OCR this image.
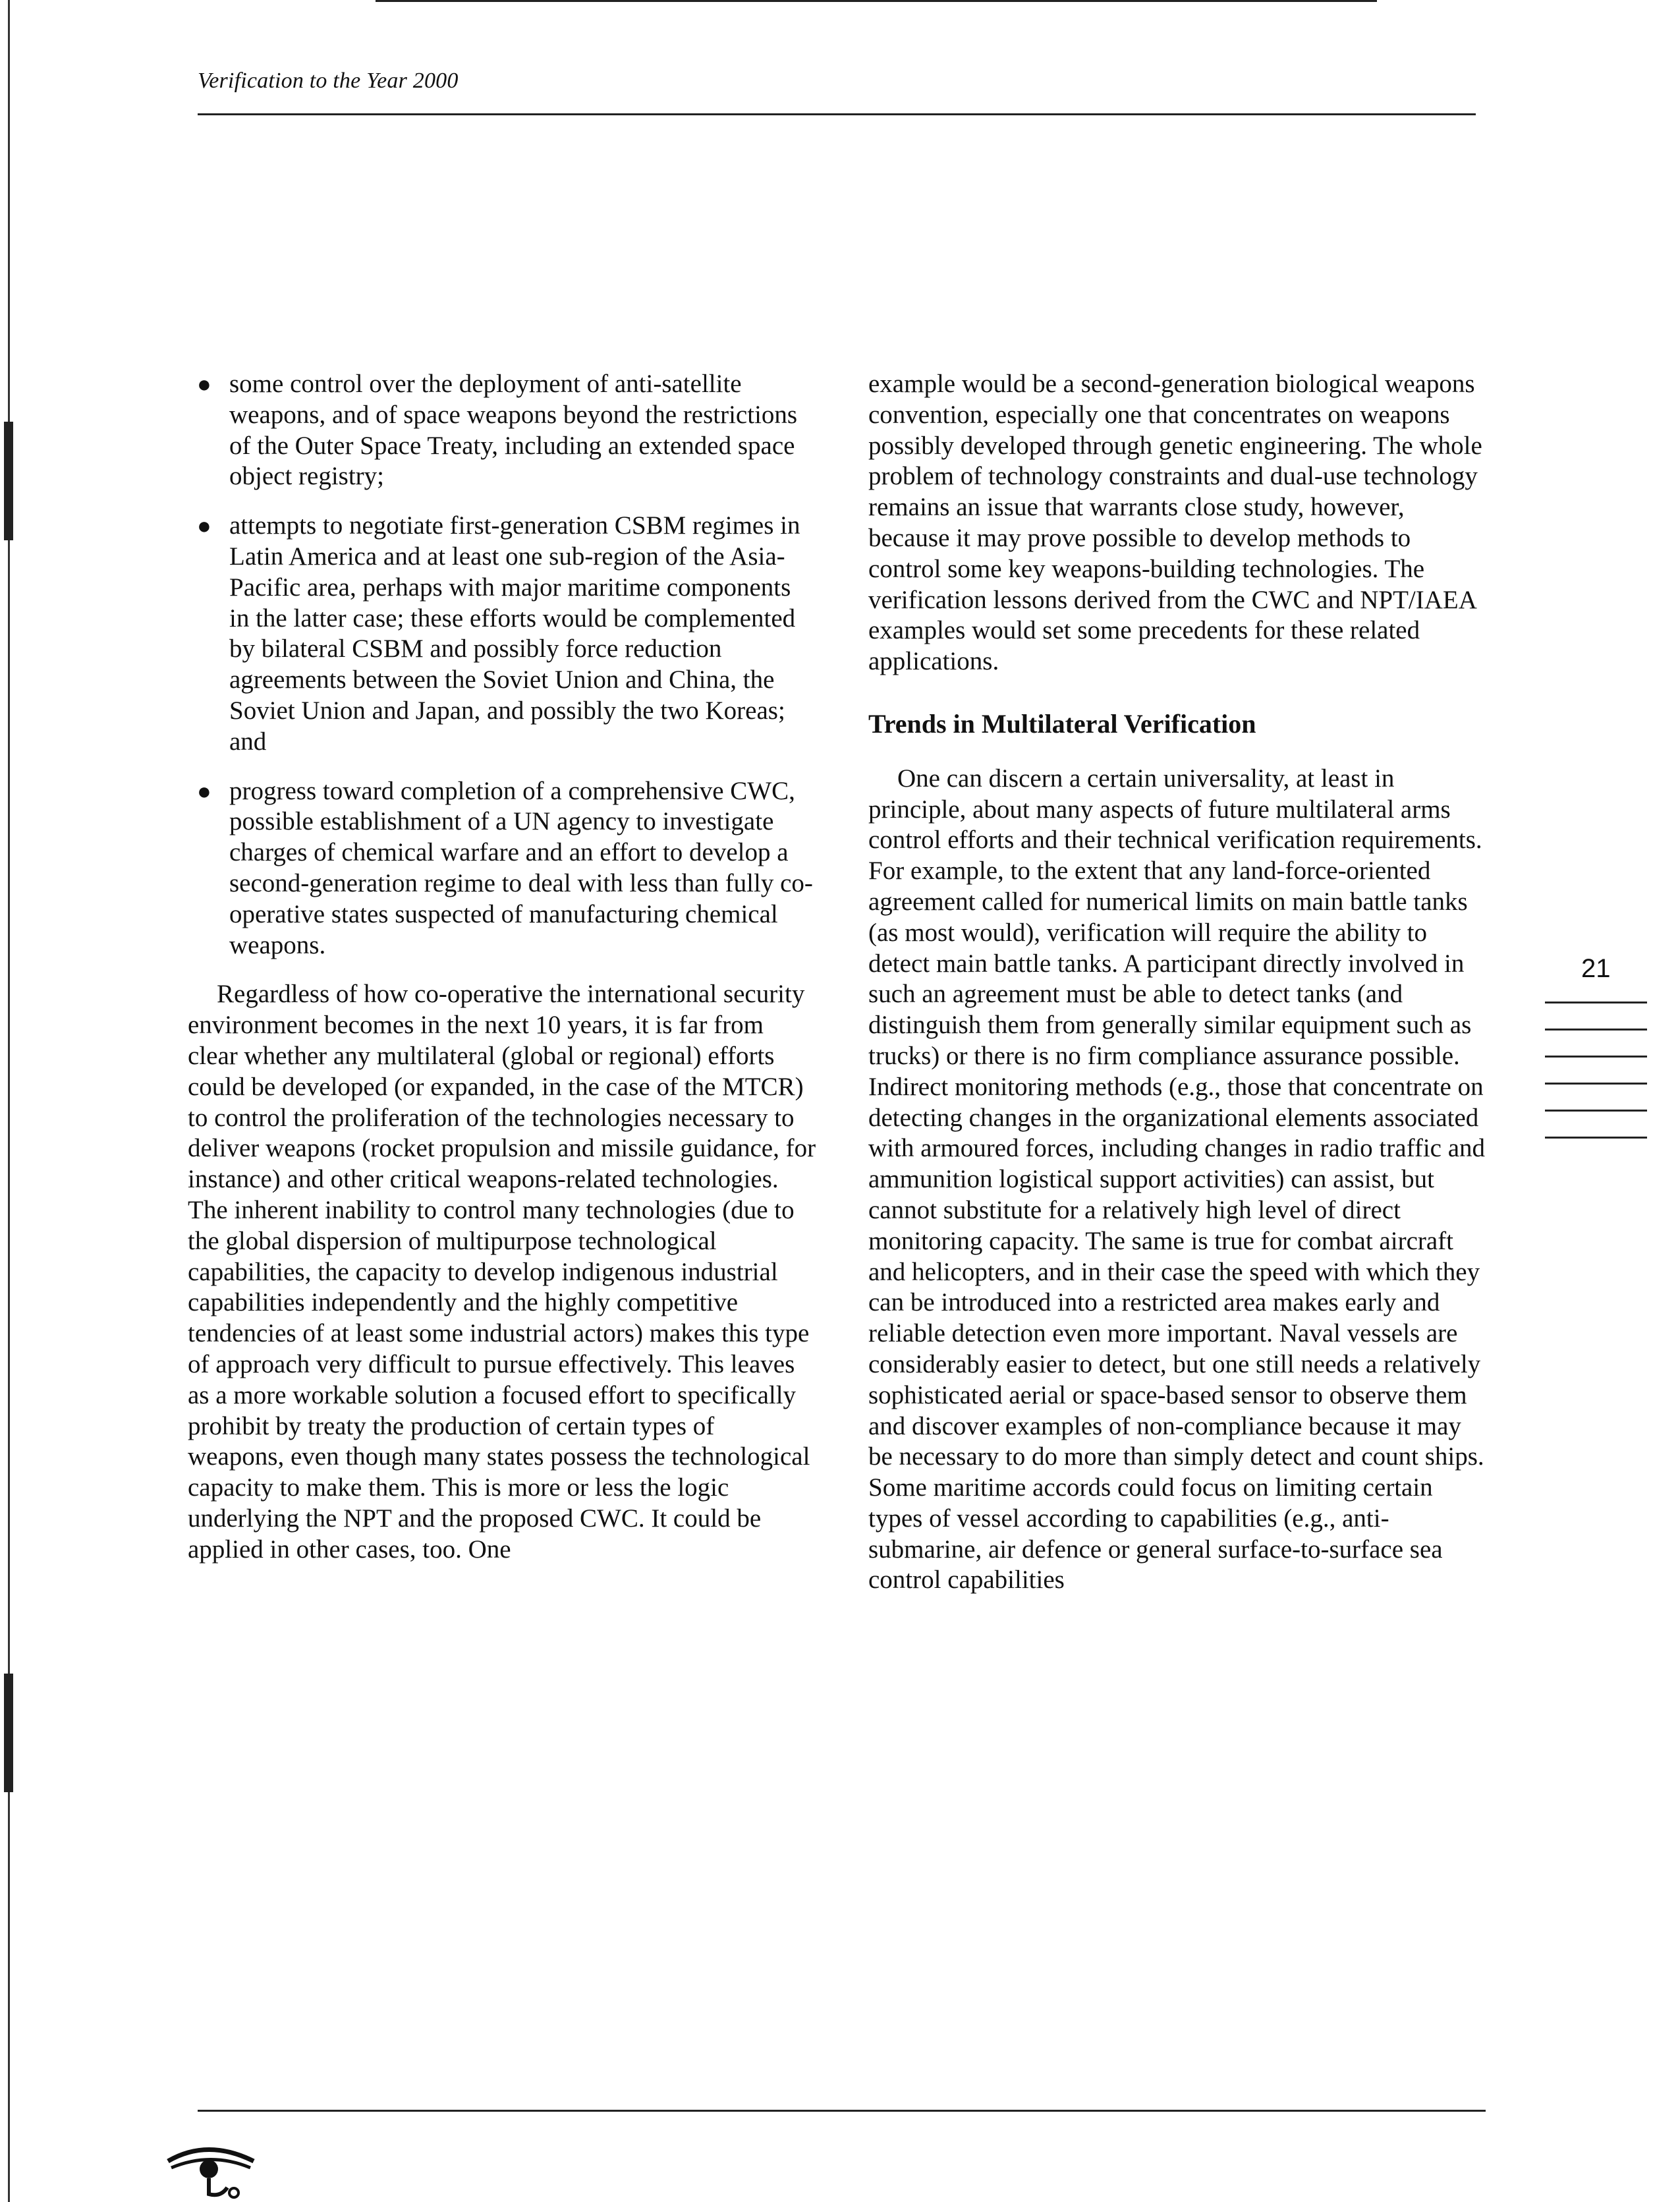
Verification to the Year 2000
● some control over the deployment of anti-satellite weapons, and of space weapons beyond the restrictions of the Outer Space Treaty, including an extended space object registry;
● attempts to negotiate first-generation CSBM regimes in Latin America and at least one sub-region of the Asia-Pacific area, perhaps with major maritime components in the latter case; these efforts would be complemented by bilateral CSBM and possibly force reduction agreements between the Soviet Union and China, the Soviet Union and Japan, and possibly the two Koreas; and
● progress toward completion of a comprehensive CWC, possible establishment of a UN agency to investigate charges of chemical warfare and an effort to develop a second-generation regime to deal with less than fully co-operative states suspected of manufacturing chemical weapons.

Regardless of how co-operative the international security environment becomes in the next 10 years, it is far from clear whether any multilateral (global or regional) efforts could be developed (or expanded, in the case of the MTCR) to control the proliferation of the technologies necessary to deliver weapons (rocket propulsion and missile guidance, for instance) and other critical weapons-related technologies. The inherent inability to control many technologies (due to the global dispersion of multipurpose technological capabilities, the capacity to develop indigenous industrial capabilities independently and the highly competitive tendencies of at least some industrial actors) makes this type of approach very difficult to pursue effectively. This leaves as a more workable solution a focused effort to specifically prohibit by treaty the production of certain types of weapons, even though many states possess the technological capacity to make them. This is more or less the logic underlying the NPT and the proposed CWC. It could be applied in other cases, too. One

example would be a second-generation biological weapons convention, especially one that concentrates on weapons possibly developed through genetic engineering. The whole problem of technology constraints and dual-use technology remains an issue that warrants close study, however, because it may prove possible to develop methods to control some key weapons-building technologies. The verification lessons derived from the CWC and NPT/IAEA examples would set some precedents for these related applications.

Trends in Multilateral Verification

One can discern a certain universality, at least in principle, about many aspects of future multilateral arms control efforts and their technical verification requirements. For example, to the extent that any land-force-oriented agreement called for numerical limits on main battle tanks (as most would), verification will require the ability to detect main battle tanks. A participant directly involved in such an agreement must be able to detect tanks (and distinguish them from generally similar equipment such as trucks) or there is no firm compliance assurance possible. Indirect monitoring methods (e.g., those that concentrate on detecting changes in the organizational elements associated with armoured forces, including changes in radio traffic and ammunition logistical support activities) can assist, but cannot substitute for a relatively high level of direct monitoring capacity. The same is true for combat aircraft and helicopters, and in their case the speed with which they can be introduced into a restricted area makes early and reliable detection even more important. Naval vessels are considerably easier to detect, but one still needs a relatively sophisticated aerial or space-based sensor to observe them and discover examples of non-compliance because it may be necessary to do more than simply detect and count ships. Some maritime accords could focus on limiting certain types of vessel according to capabilities (e.g., anti-submarine, air defence or general surface-to-surface sea control capabilities

21
